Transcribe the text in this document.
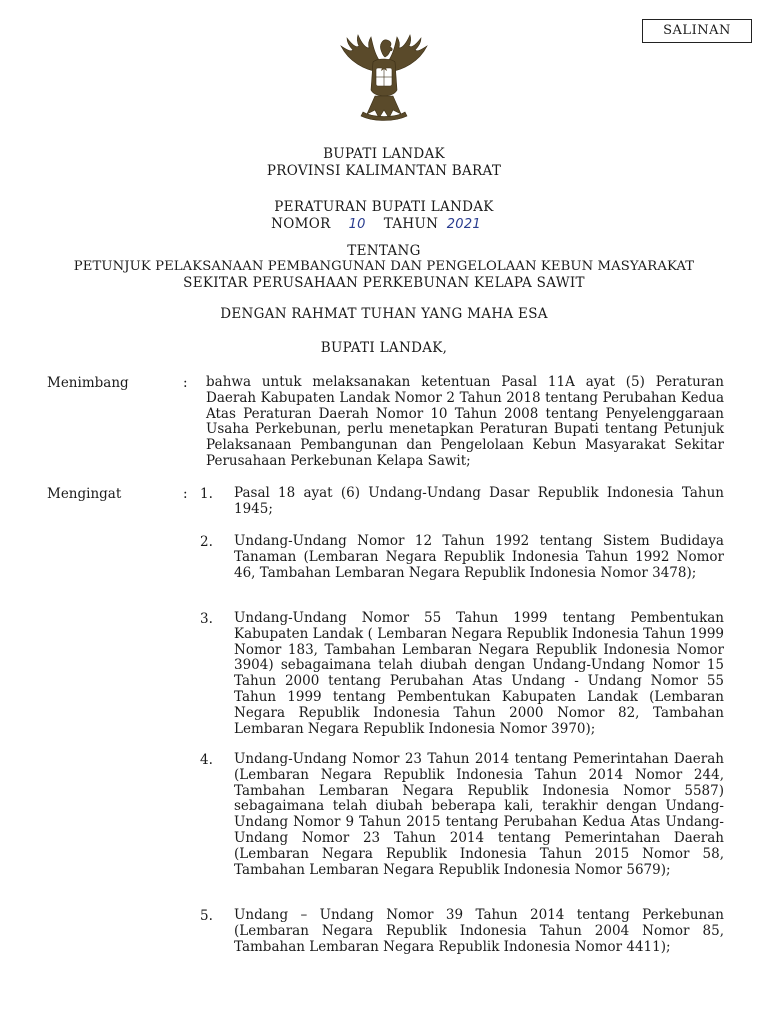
SALINAN
BUPATI LANDAK
PROVINSI KALIMANTAN BARAT
PERATURAN BUPATI LANDAK
NOMOR 10 TAHUN 2021
TENTANG
PETUNJUK PELAKSANAAN PEMBANGUNAN DAN PENGELOLAAN KEBUN MASYARAKAT
SEKITAR PERUSAHAAN PERKEBUNAN KELAPA SAWIT
DENGAN RAHMAT TUHAN YANG MAHA ESA
BUPATI LANDAK,
Menimbang	: bahwa untuk melaksanakan ketentuan Pasal 11A ayat (5) Peraturan Daerah Kabupaten Landak Nomor 2 Tahun 2018 tentang Perubahan Kedua Atas Peraturan Daerah Nomor 10 Tahun 2008 tentang Penyelenggaraan Usaha Perkebunan, perlu menetapkan Peraturan Bupati tentang Petunjuk Pelaksanaan Pembangunan dan Pengelolaan Kebun Masyarakat Sekitar Perusahaan Perkebunan Kelapa Sawit;

Mengingat	: 1. Pasal 18 ayat (6) Undang-Undang Dasar Republik Indonesia Tahun 1945;

2. Undang-Undang Nomor 12 Tahun 1992 tentang Sistem Budidaya Tanaman (Lembaran Negara Republik Indonesia Tahun 1992 Nomor 46, Tambahan Lembaran Negara Republik Indonesia Nomor 3478);

3. Undang-Undang Nomor 55 Tahun 1999 tentang Pembentukan Kabupaten Landak ( Lembaran Negara Republik Indonesia Tahun 1999 Nomor 183, Tambahan Lembaran Negara Republik Indonesia Nomor 3904) sebagaimana telah diubah dengan Undang-Undang Nomor 15 Tahun 2000 tentang Perubahan Atas Undang - Undang Nomor 55 Tahun 1999 tentang Pembentukan Kabupaten Landak (Lembaran Negara Republik Indonesia Tahun 2000 Nomor 82, Tambahan Lembaran Negara Republik Indonesia Nomor 3970);

4. Undang-Undang Nomor 23 Tahun 2014 tentang Pemerintahan Daerah (Lembaran Negara Republik Indonesia Tahun 2014 Nomor 244, Tambahan Lembaran Negara Republik Indonesia Nomor 5587) sebagaimana telah diubah beberapa kali, terakhir dengan Undang-Undang Nomor 9 Tahun 2015 tentang Perubahan Kedua Atas Undang-Undang Nomor 23 Tahun 2014 tentang Pemerintahan Daerah (Lembaran Negara Republik Indonesia Tahun 2015 Nomor 58, Tambahan Lembaran Negara Republik Indonesia Nomor 5679);

5. Undang – Undang Nomor 39 Tahun 2014 tentang Perkebunan (Lembaran Negara Republik Indonesia Tahun 2004 Nomor 85, Tambahan Lembaran Negara Republik Indonesia Nomor 4411);
